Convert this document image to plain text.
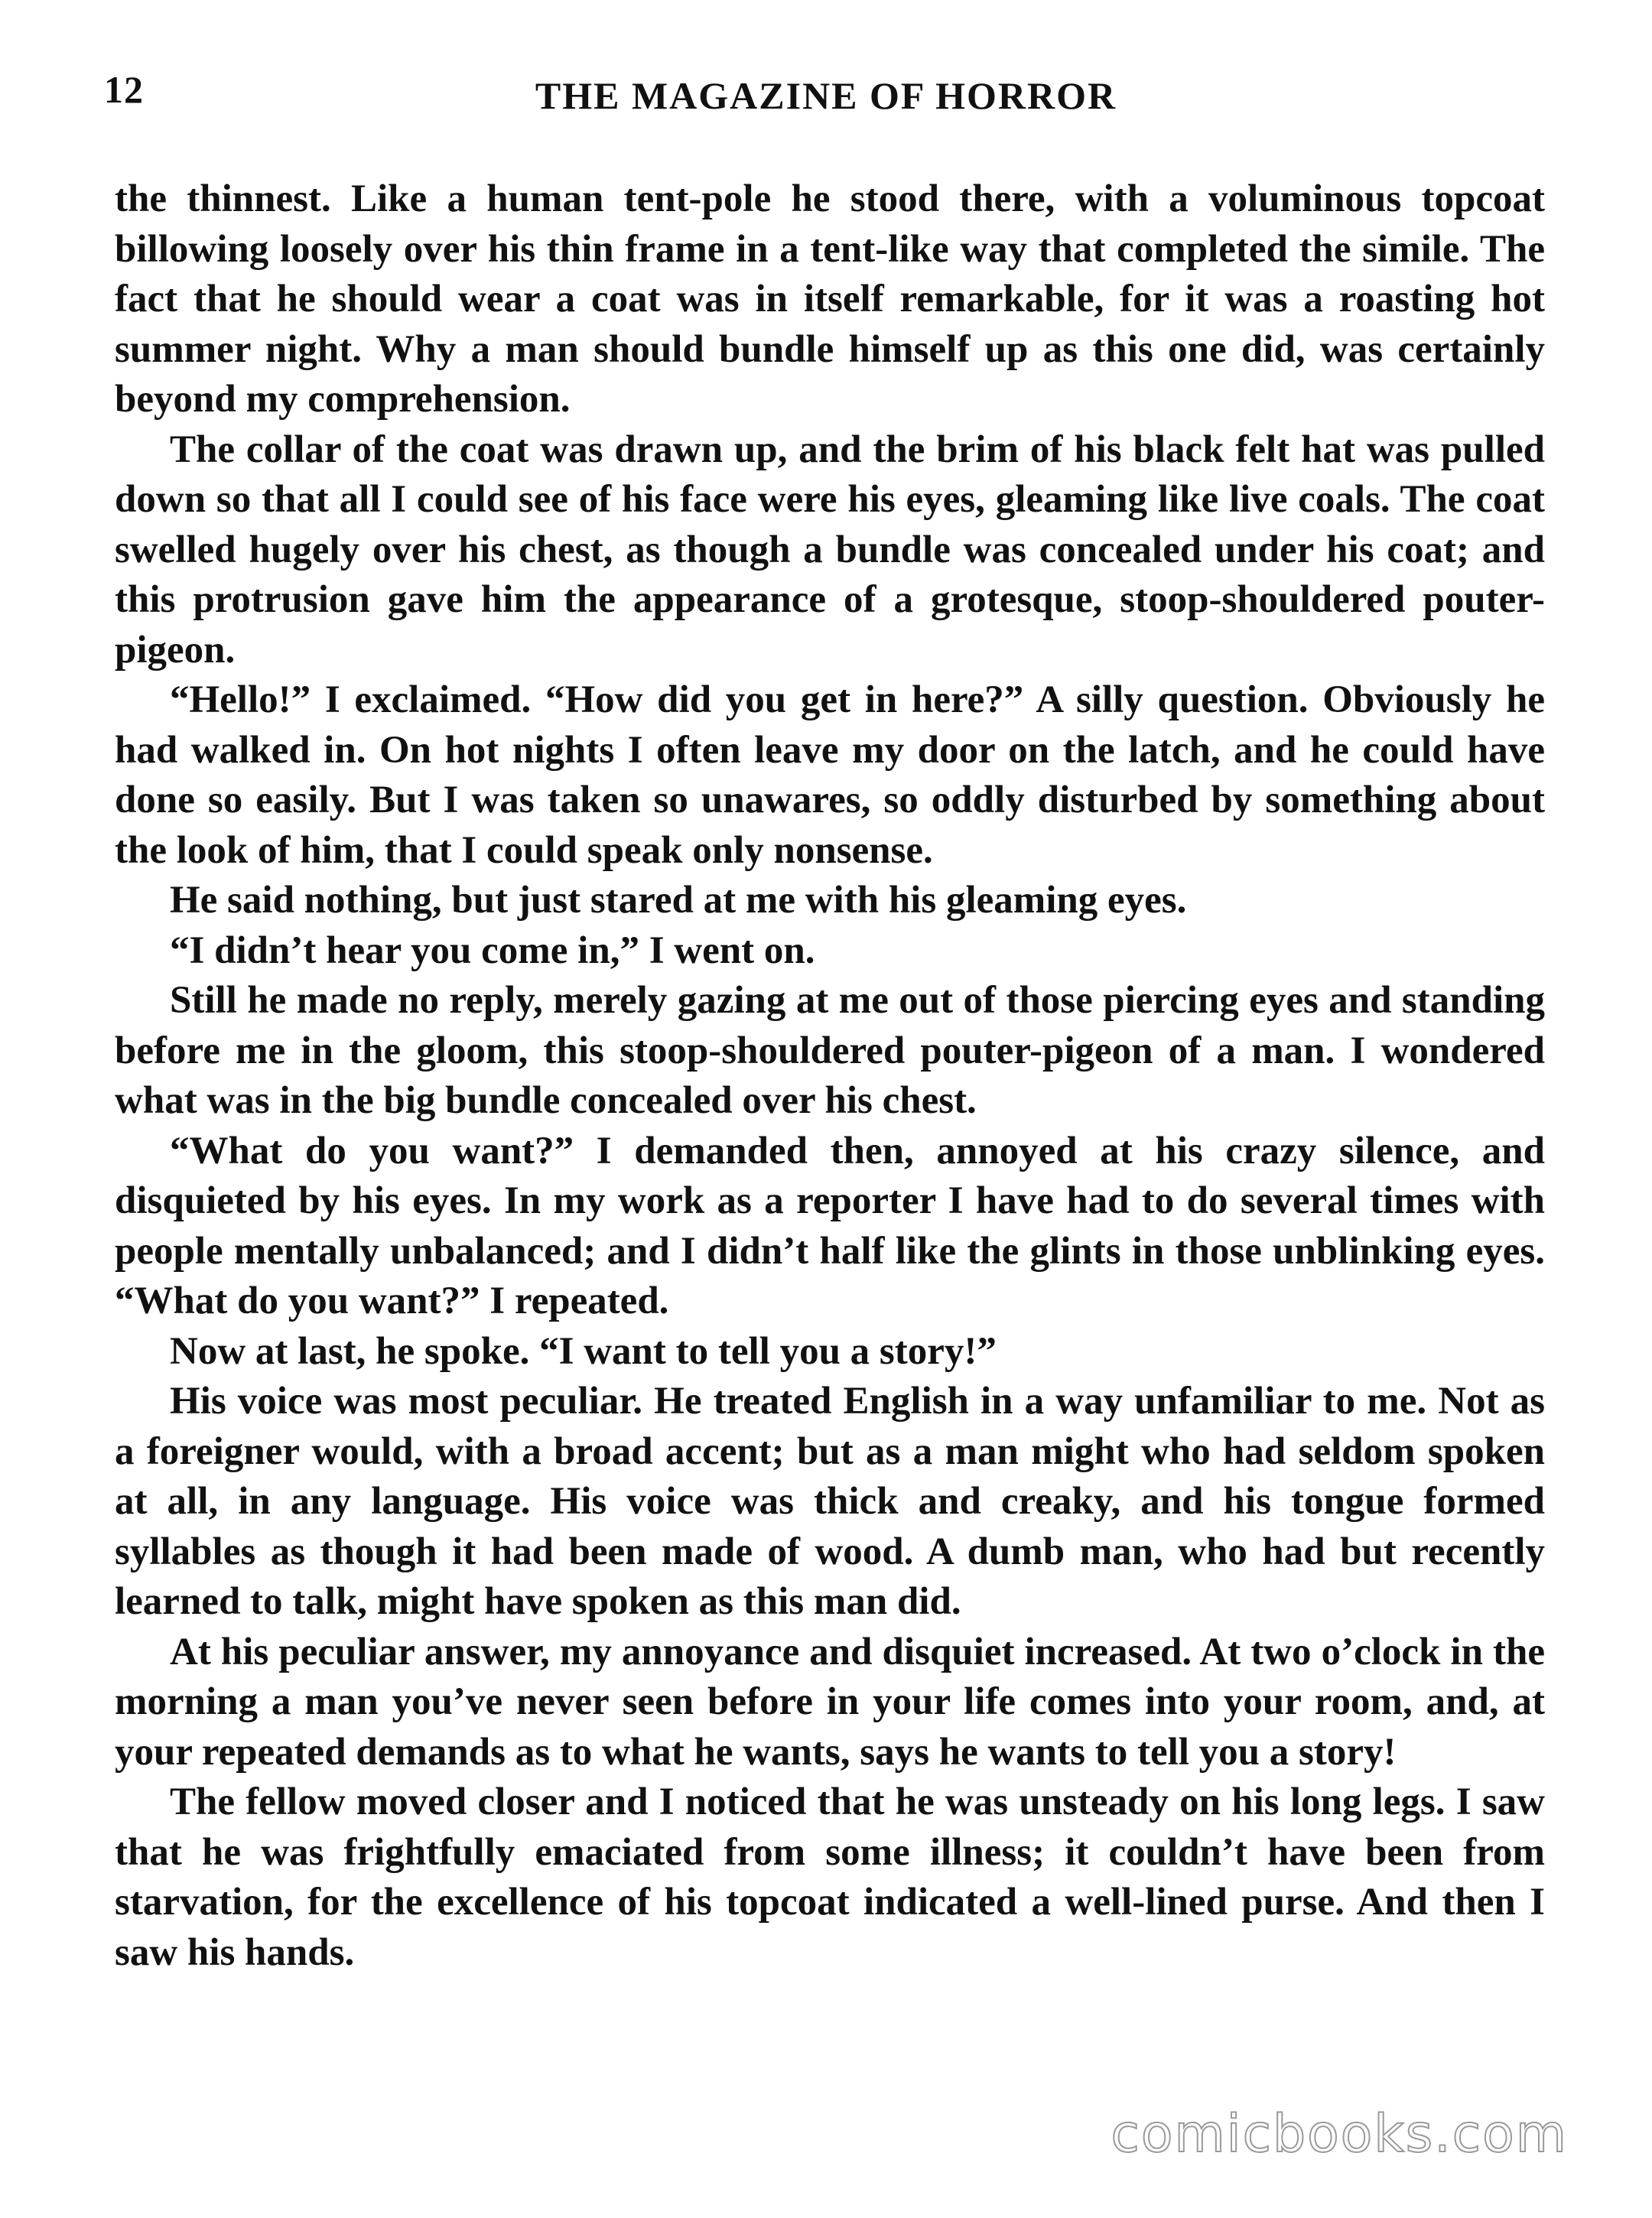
12	THE MAGAZINE OF HORROR

the thinnest. Like a human tent-pole he stood there, with a voluminous topcoat billowing loosely over his thin frame in a tent-like way that completed the simile. The fact that he should wear a coat was in itself remarkable, for it was a roasting hot summer night. Why a man should bundle himself up as this one did, was certainly beyond my comprehension.

The collar of the coat was drawn up, and the brim of his black felt hat was pulled down so that all I could see of his face were his eyes, gleaming like live coals. The coat swelled hugely over his chest, as though a bundle was concealed under his coat; and this protrusion gave him the appearance of a grotesque, stoop-shouldered pouter-pigeon.

“Hello!” I exclaimed. “How did you get in here?” A silly question. Obviously he had walked in. On hot nights I often leave my door on the latch, and he could have done so easily. But I was taken so unawares, so oddly disturbed by something about the look of him, that I could speak only nonsense.

He said nothing, but just stared at me with his gleaming eyes.

“I didn’t hear you come in,” I went on.

Still he made no reply, merely gazing at me out of those piercing eyes and standing before me in the gloom, this stoop-shouldered pouter-pigeon of a man. I wondered what was in the big bundle concealed over his chest.

“What do you want?” I demanded then, annoyed at his crazy silence, and disquieted by his eyes. In my work as a reporter I have had to do several times with people mentally unbalanced; and I didn’t half like the glints in those unblinking eyes. “What do you want?” I repeated.

Now at last, he spoke. “I want to tell you a story!”

His voice was most peculiar. He treated English in a way unfamiliar to me. Not as a foreigner would, with a broad accent; but as a man might who had seldom spoken at all, in any language. His voice was thick and creaky, and his tongue formed syllables as though it had been made of wood. A dumb man, who had but recently learned to talk, might have spoken as this man did.

At his peculiar answer, my annoyance and disquiet increased. At two o’clock in the morning a man you’ve never seen before in your life comes into your room, and, at your repeated demands as to what he wants, says he wants to tell you a story!

The fellow moved closer and I noticed that he was unsteady on his long legs. I saw that he was frightfully emaciated from some illness; it couldn’t have been from starvation, for the excellence of his topcoat indicated a well-lined purse. And then I saw his hands.

comicbooks.com
